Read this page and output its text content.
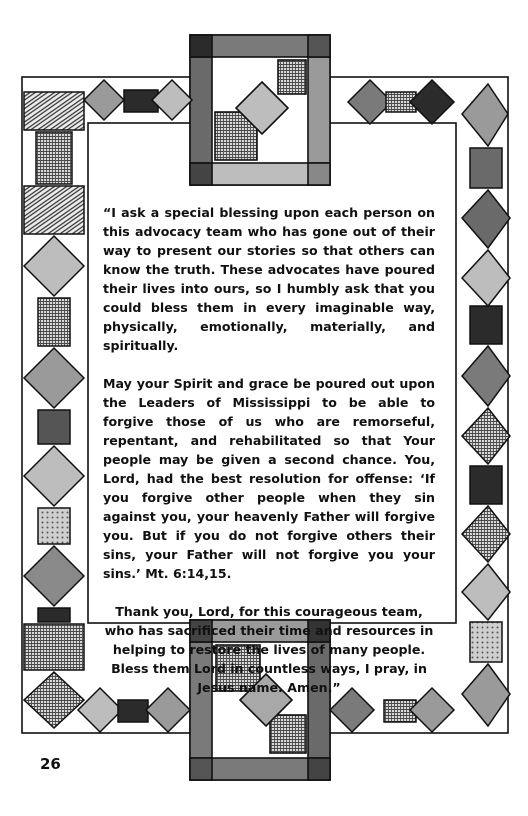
“I ask a special blessing upon each person on this advocacy team who has gone out of their way to present our stories so that others can know the truth. These advocates have poured their lives into ours, so I humbly ask that you could bless them in every imaginable way, physically, emotionally, materially, and spiritually.

May your Spirit and grace be poured out upon the Leaders of Mississippi to be able to forgive those of us who are remorseful, repentant, and rehabilitated so that Your people may be given a second chance. You, Lord, had the best resolution for offense: ‘If you forgive other people when they sin against you, your heavenly Father will forgive you. But if you do not forgive others their sins, your Father will not forgive you your sins.’ Mt. 6:14,15.

Thank you, Lord, for this courageous team, who has sacrificed their time and resources in helping to restore the lives of many people. Bless them Lord in countless ways, I pray, in Jesus name. Amen.”

26
